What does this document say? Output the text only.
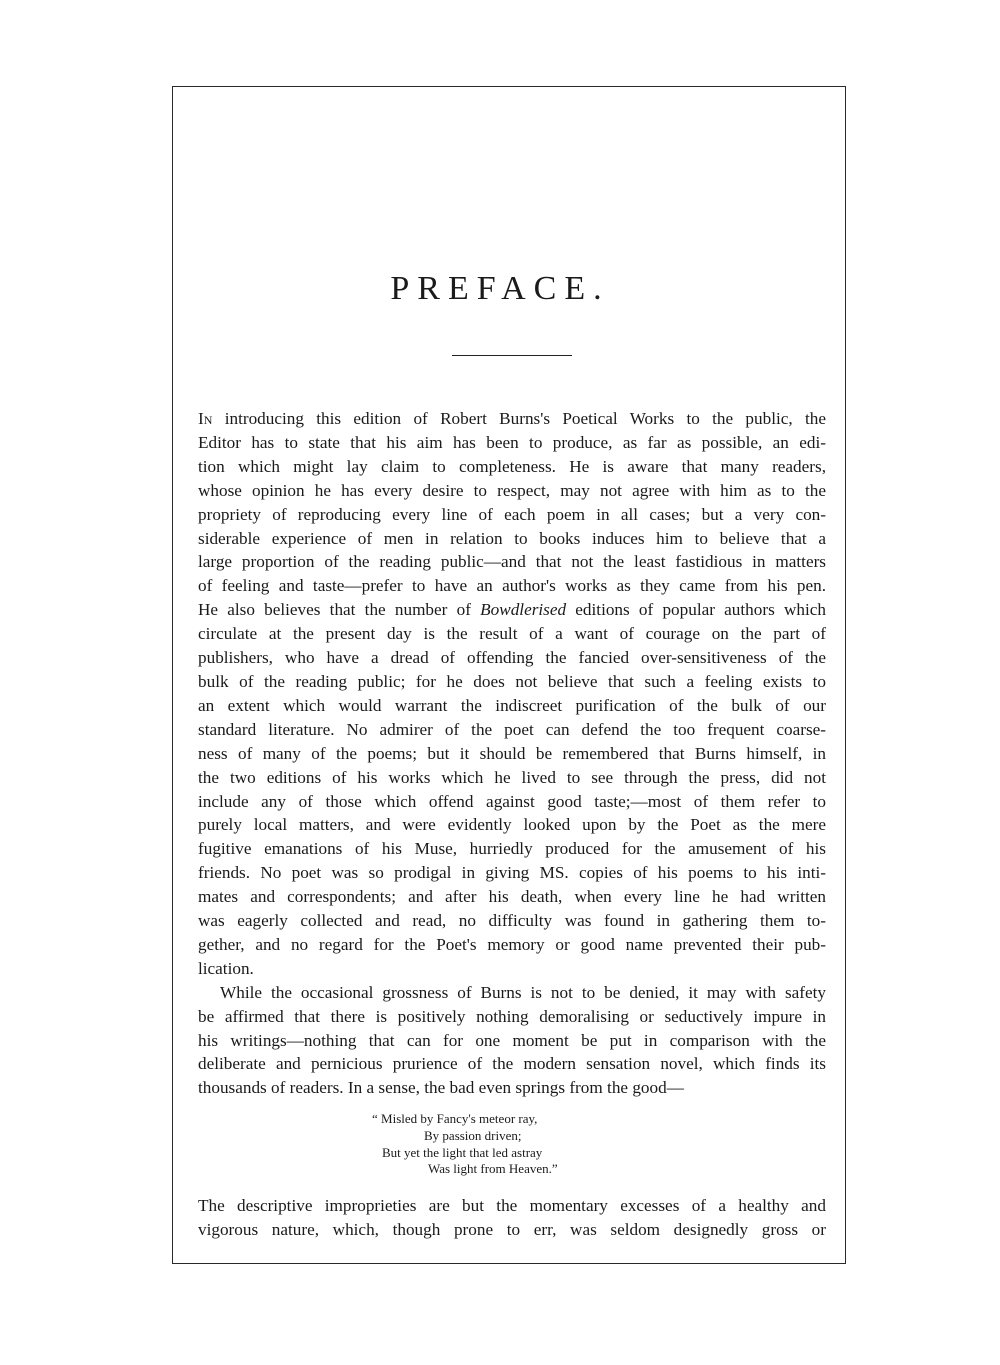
PREFACE.
In introducing this edition of Robert Burns's Poetical Works to the public, the
Editor has to state that his aim has been to produce, as far as possible, an edi-
tion which might lay claim to completeness. He is aware that many readers,
whose opinion he has every desire to respect, may not agree with him as to the
propriety of reproducing every line of each poem in all cases; but a very con-
siderable experience of men in relation to books induces him to believe that a
large proportion of the reading public—and that not the least fastidious in matters
of feeling and taste—prefer to have an author's works as they came from his pen.
He also believes that the number of Bowdlerised editions of popular authors which
circulate at the present day is the result of a want of courage on the part of
publishers, who have a dread of offending the fancied over-sensitiveness of the
bulk of the reading public; for he does not believe that such a feeling exists to
an extent which would warrant the indiscreet purification of the bulk of our
standard literature. No admirer of the poet can defend the too frequent coarse-
ness of many of the poems; but it should be remembered that Burns himself, in
the two editions of his works which he lived to see through the press, did not
include any of those which offend against good taste;—most of them refer to
purely local matters, and were evidently looked upon by the Poet as the mere
fugitive emanations of his Muse, hurriedly produced for the amusement of his
friends. No poet was so prodigal in giving MS. copies of his poems to his inti-
mates and correspondents; and after his death, when every line he had written
was eagerly collected and read, no difficulty was found in gathering them to-
gether, and no regard for the Poet's memory or good name prevented their pub-
lication.
While the occasional grossness of Burns is not to be denied, it may with safety
be affirmed that there is positively nothing demoralising or seductively impure in
his writings—nothing that can for one moment be put in comparison with the
deliberate and pernicious prurience of the modern sensation novel, which finds its
thousands of readers. In a sense, the bad even springs from the good—
“ Misled by Fancy's meteor ray,
By passion driven;
But yet the light that led astray
Was light from Heaven.”
The descriptive improprieties are but the momentary excesses of a healthy and
vigorous nature, which, though prone to err, was seldom designedly gross or
